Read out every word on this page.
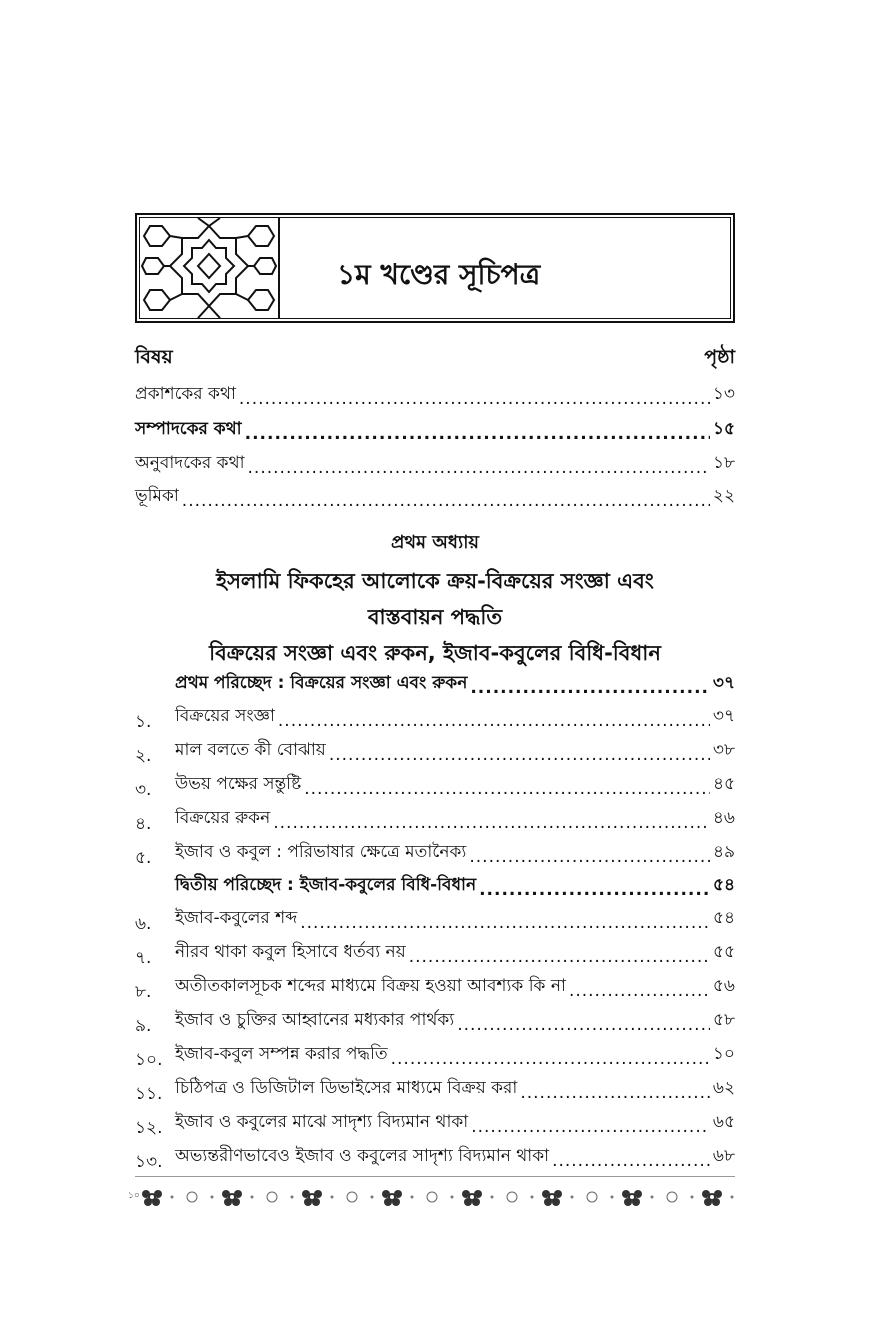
১ম খণ্ডের সূচিপত্র
বিষয়	পৃষ্ঠা
প্রকাশকের কথা .....	১৩
সম্পাদকের কথা .....	১৫
অনুবাদকের কথা .....	১৮
ভূমিকা .....	২২
প্রথম অধ্যায়
ইসলামি ফিকহের আলোকে ক্রয়-বিক্রয়ের সংজ্ঞা এবং
বাস্তবায়ন পদ্ধতি
বিক্রয়ের সংজ্ঞা এবং রুকন, ইজাব-কবুলের বিধি-বিধান
প্রথম পরিচ্ছেদ : বিক্রয়ের সংজ্ঞা এবং রুকন .....	৩৭
১.	বিক্রয়ের সংজ্ঞা .....	৩৭
২.	মাল বলতে কী বোঝায় .....	৩৮
৩.	উভয় পক্ষের সন্তুষ্টি .....	৪৫
৪.	বিক্রয়ের রুকন .....	৪৬
৫.	ইজাব ও কবুল : পরিভাষার ক্ষেত্রে মতানৈক্য .....	৪৯
দ্বিতীয় পরিচ্ছেদ : ইজাব-কবুলের বিধি-বিধান .....	৫৪
৬.	ইজাব-কবুলের শব্দ .....	৫৪
৭.	নীরব থাকা কবুল হিসাবে ধর্তব্য নয় .....	৫৫
৮.	অতীতকালসূচক শব্দের মাধ্যমে বিক্রয় হওয়া আবশ্যক কি না .....	৫৬
৯.	ইজাব ও চুক্তির আহ্বানের মধ্যকার পার্থক্য .....	৫৮
১০. ইজাব-কবুল সম্পন্ন করার পদ্ধতি .....	১০
১১. চিঠিপত্র ও ডিজিটাল ডিভাইসের মাধ্যমে বিক্রয় করা .....	৬২
১২. ইজাব ও কবুলের মাঝে সাদৃশ্য বিদ্যমান থাকা .....	৬৫
১৩. অভ্যন্তরীণভাবেও ইজাব ও কবুলের সাদৃশ্য বিদ্যমান থাকা .....	৬৮
১০
